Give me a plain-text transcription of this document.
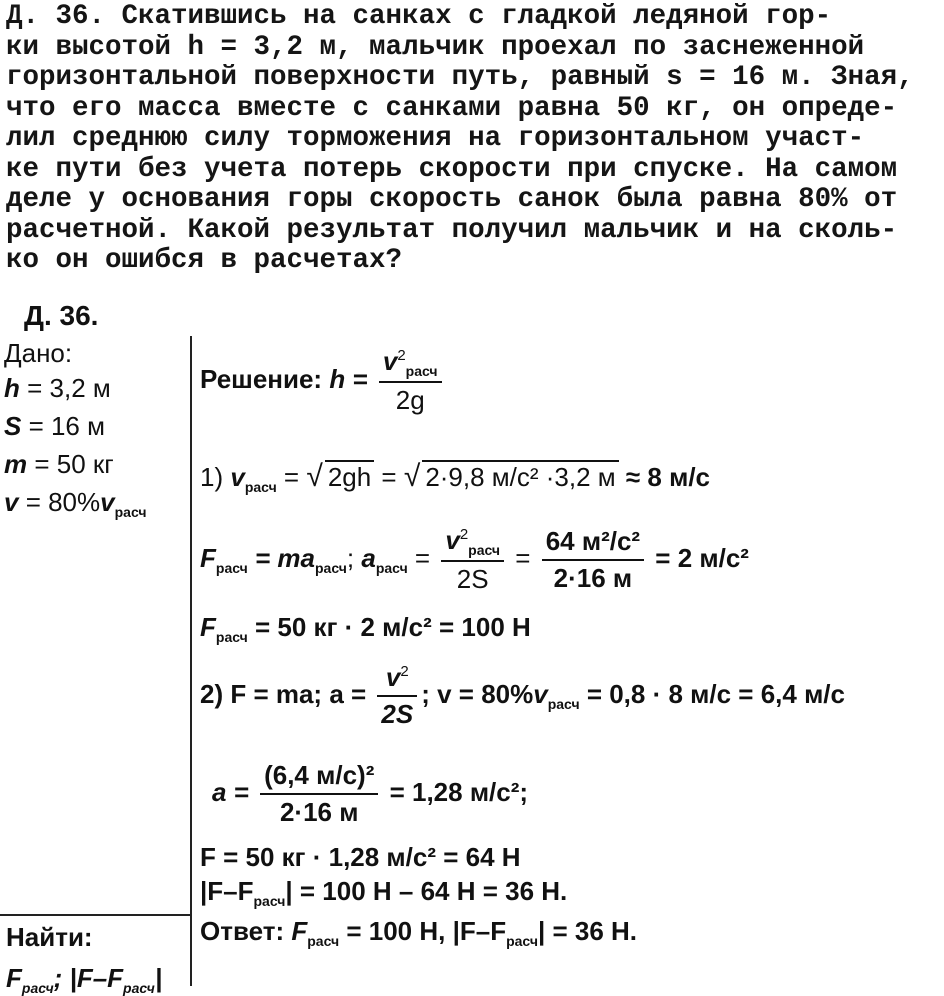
Д. 36. Скатившись на санках с гладкой ледяной гор-
ки высотой h = 3,2 м, мальчик проехал по заснеженной
горизонтальной поверхности путь, равный s = 16 м. Зная,
что его масса вместе с санками равна 50 кг, он опреде-
лил среднюю силу торможения на горизонтальном участ-
ке пути без учета потерь скорости при спуске. На самом
деле у основания горы скорость санок была равна 80% от
расчетной. Какой результат получил мальчик и на сколь-
ко он ошибся в расчетах?
Д. 36.
Дано:
h = 3,2 м
S = 16 м
m = 50 кг
$v = 80\%v_{расч}$
Найти:
$F_{расч}$; $|F-F_{расч}|$
Решение: $h = \frac{v^2_{расч}}{2g}$
1) $v_{расч}$ = √ 2gh = √ 2·9,8 м/с² ·3,2 м ≈ 8 м/с
$F_{расч} = ma_{расч}$; $a_{расч} = \frac{v^2_{расч}}{2S} = \frac{\text{64 м²/с²}}{2\cdot 16 м} = 2$ м/с²
$F_{расч} = 50$ кг · 2 м/с² = 100 Н
2) F = ma; $a = \frac{v^2}{2S}$ ; $v = 80\%v_{расч} = 0,8 \cdot 8$ м/с = 6,4 м/с
$a = \frac{\text{(6,4 м/с)²}}{2\cdot 16 м} = 1,28$ м/с²;
F = 50 кг · 1,28 м/с² = 64 Н
$|F-F_{расч}| = 100$ Н – 64 Н = 36 Н.
Ответ: $F_{расч} = 100$ Н, $|F-F_{расч}| = 36$ Н.
